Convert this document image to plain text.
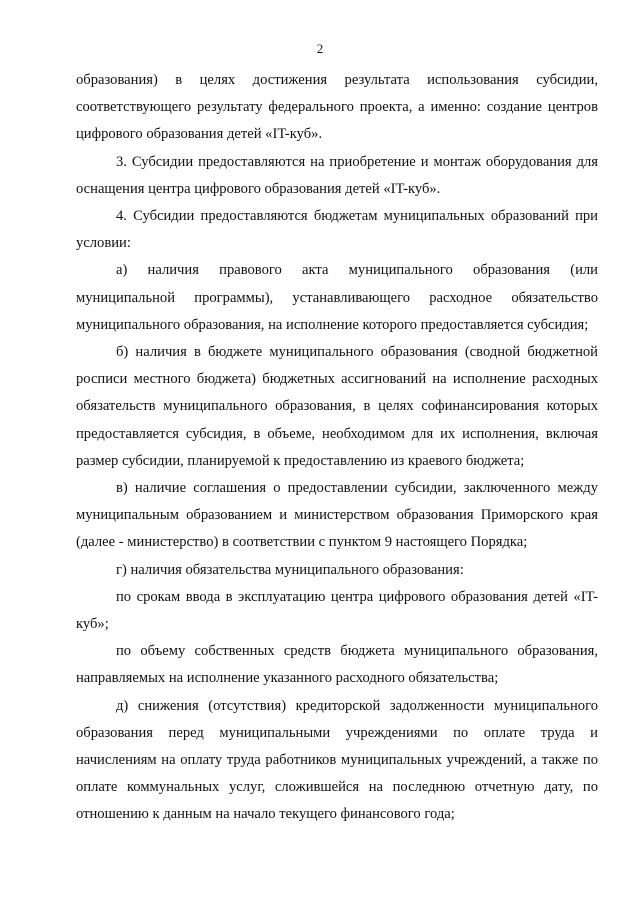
2

образования) в целях достижения результата использования субсидии, соответствующего результату федерального проекта, а именно: создание центров цифрового образования детей «IT-куб».

3. Субсидии предоставляются на приобретение и монтаж оборудования для оснащения центра цифрового образования детей «IT-куб».

4. Субсидии предоставляются бюджетам муниципальных образований при условии:

а) наличия правового акта муниципального образования (или муниципальной программы), устанавливающего расходное обязательство муниципального образования, на исполнение которого предоставляется субсидия;

б) наличия в бюджете муниципального образования (сводной бюджетной росписи местного бюджета) бюджетных ассигнований на исполнение расходных обязательств муниципального образования, в целях софинансирования которых предоставляется субсидия, в объеме, необходимом для их исполнения, включая размер субсидии, планируемой к предоставлению из краевого бюджета;

в) наличие соглашения о предоставлении субсидии, заключенного между муниципальным образованием и министерством образования Приморского края (далее - министерство) в соответствии с пунктом 9 настоящего Порядка;

г) наличия обязательства муниципального образования:

по срокам ввода в эксплуатацию центра цифрового образования детей «IT-куб»;

по объему собственных средств бюджета муниципального образования, направляемых на исполнение указанного расходного обязательства;

д) снижения (отсутствия) кредиторской задолженности муниципального образования перед муниципальными учреждениями по оплате труда и начислениям на оплату труда работников муниципальных учреждений, а также по оплате коммунальных услуг, сложившейся на последнюю отчетную дату, по отношению к данным на начало текущего финансового года;
